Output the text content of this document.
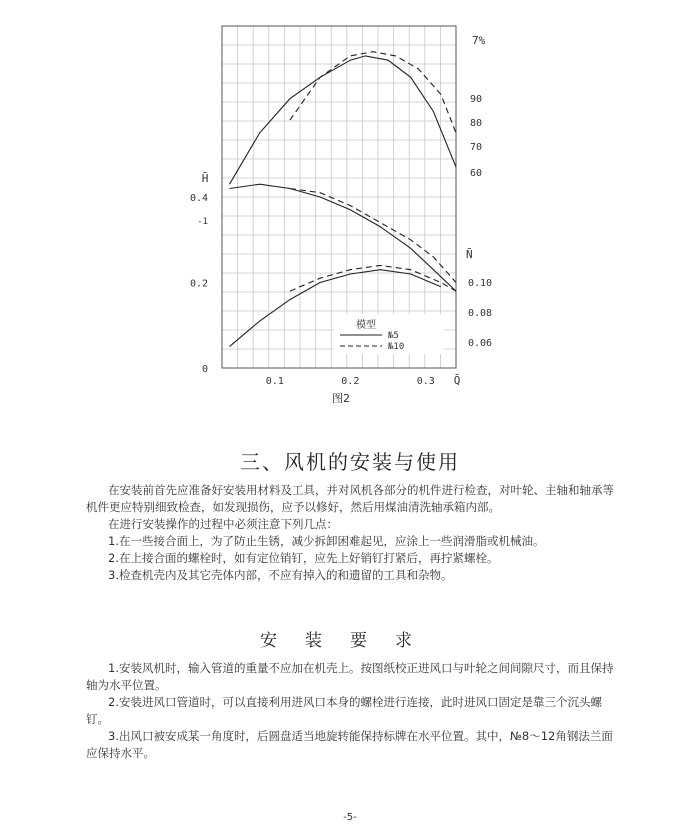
0.1	0.2	0.3 Q̄
H̄
0.4
0.2
0
-1
7%
90
80
70
60
N̄
0.10
0.08
0.06
模型
№5
№10
图2
三、风机的安装与使用

在安装前首先应准备好安装用材料及工具，并对风机各部分的机件进行检查，对叶轮、主轴和轴承等机件更应特别细致检查，如发现损伤，应予以修好，然后用煤油清洗轴承箱内部。

在进行安装操作的过程中必须注意下列几点：

1.在一些接合面上，为了防止生锈，减少拆卸困难起见，应涂上一些润滑脂或机械油。

2.在上接合面的螺栓时，如有定位销钉，应先上好销钉打紧后，再拧紧螺栓。

3.检查机壳内及其它壳体内部，不应有掉入的和遗留的工具和杂物。

安装要求

1.安装风机时，输入管道的重量不应加在机壳上。按图纸校正进风口与叶轮之间间隙尺寸，而且保持轴为水平位置。

2.安装进风口管道时，可以直接利用进风口本身的螺栓进行连接，此时进风口固定是靠三个沉头螺钉。

3.出风口被安成某一角度时，后圆盘适当地旋转能保持标牌在水平位置。其中，№8～12角钢法兰面应保持水平。

-5-
